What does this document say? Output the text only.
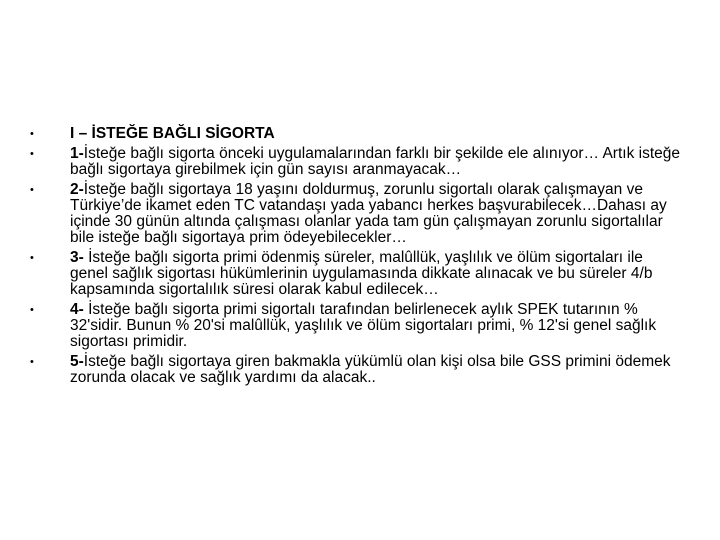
• I – İSTEĞE BAĞLI SİGORTA
• 1-İsteğe bağlı sigorta önceki uygulamalarından farklı bir şekilde ele alınıyor… Artık isteğe bağlı sigortaya girebilmek için gün sayısı aranmayacak…
• 2-İsteğe bağlı sigortaya 18 yaşını doldurmuş, zorunlu sigortalı olarak çalışmayan ve Türkiye’de ikamet eden TC vatandaşı yada yabancı herkes başvurabilecek…Dahası ay içinde 30 günün altında çalışması olanlar yada tam gün çalışmayan zorunlu sigortalılar bile isteğe bağlı sigortaya prim ödeyebilecekler…
• 3- İsteğe bağlı sigorta primi ödenmiş süreler, malûllük, yaşlılık ve ölüm sigortaları ile genel sağlık sigortası hükümlerinin uygulamasında dikkate alınacak ve bu süreler 4/b kapsamında sigortalılık süresi olarak kabul edilecek…
• 4- İsteğe bağlı sigorta primi sigortalı tarafından belirlenecek aylık SPEK tutarının % 32'sidir. Bunun % 20'si malûllük, yaşlılık ve ölüm sigortaları primi, % 12'si genel sağlık sigortası primidir.
• 5-İsteğe bağlı sigortaya giren bakmakla yükümlü olan kişi olsa bile GSS primini ödemek zorunda olacak ve sağlık yardımı da alacak..
